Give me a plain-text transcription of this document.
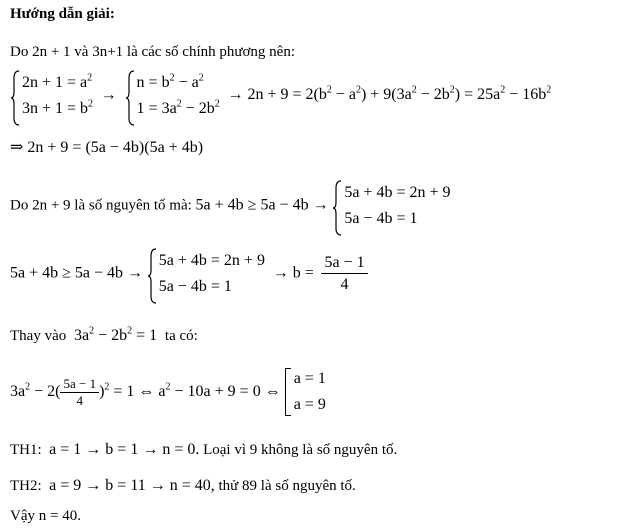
Hướng dẫn giải:
Do 2n + 1 và 3n+1 là các số chính phương nên:
$2n + 1 = a^2$
$3n + 1 = b^2$
→
$n = b^2 - a^2$
$1 = 3a^2 - 2b^2$
→ $2n + 9 = 2(b^2 - a^2) + 9(3a^2 - 2b^2) = 25a^2 - 16b^2$
⇒ 2n + 9 = (5a − 4b)(5a + 4b)
Do 2n + 9 là số nguyên tố mà: 5a + 4b ≥ 5a − 4b →
5a + 4b = 2n + 9
5a − 4b = 1
5a + 4b ≥ 5a − 4b →
5a + 4b = 2n + 9
5a − 4b = 1
→ $b = \frac{5a - 1}{4}$
Thay vào $3a^2 - 2b^2 = 1$ ta có:
$3a^2 - 2( \frac{5a - 1}{4} )^2 = 1$ ⇔ $a^2 - 10a + 9 = 0$ ⇔
a = 1
a = 9
TH1: a = 1 → b = 1 → n = 0. Loại vì 9 không là số nguyên tố.
TH2: a = 9 → b = 11 → n = 40, thử 89 là số nguyên tố.
Vậy n = 40.
